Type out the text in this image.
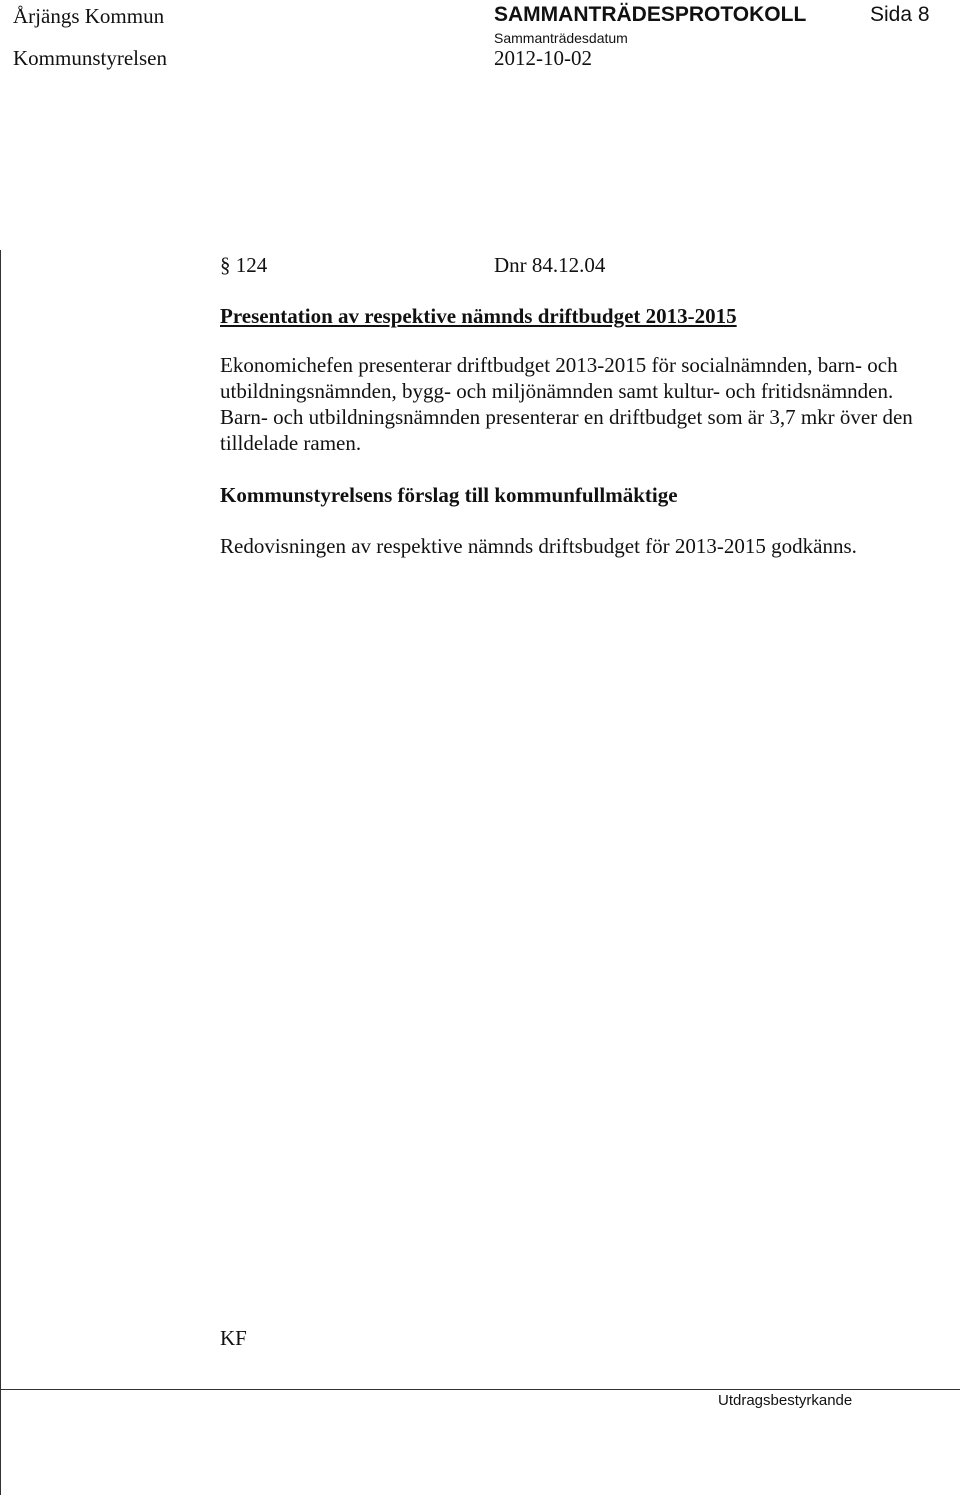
Årjängs Kommun
Kommunstyrelsen
SAMMANTRÄDESPROTOKOLL	Sida 8
Sammanträdesdatum
2012-10-02
§ 124	Dnr 84.12.04
Presentation av respektive nämnds driftbudget 2013-2015

Ekonomichefen presenterar driftbudget 2013-2015 för socialnämnden, barn- och utbildningsnämnden, bygg- och miljönämnden samt kultur- och fritidsnämnden.

Barn- och utbildningsnämnden presenterar en driftbudget som är 3,7 mkr över den tilldelade ramen.

Kommunstyrelsens förslag till kommunfullmäktige
Redovisningen av respektive nämnds driftsbudget för 2013-2015 godkänns.
KF
Utdragsbestyrkande
